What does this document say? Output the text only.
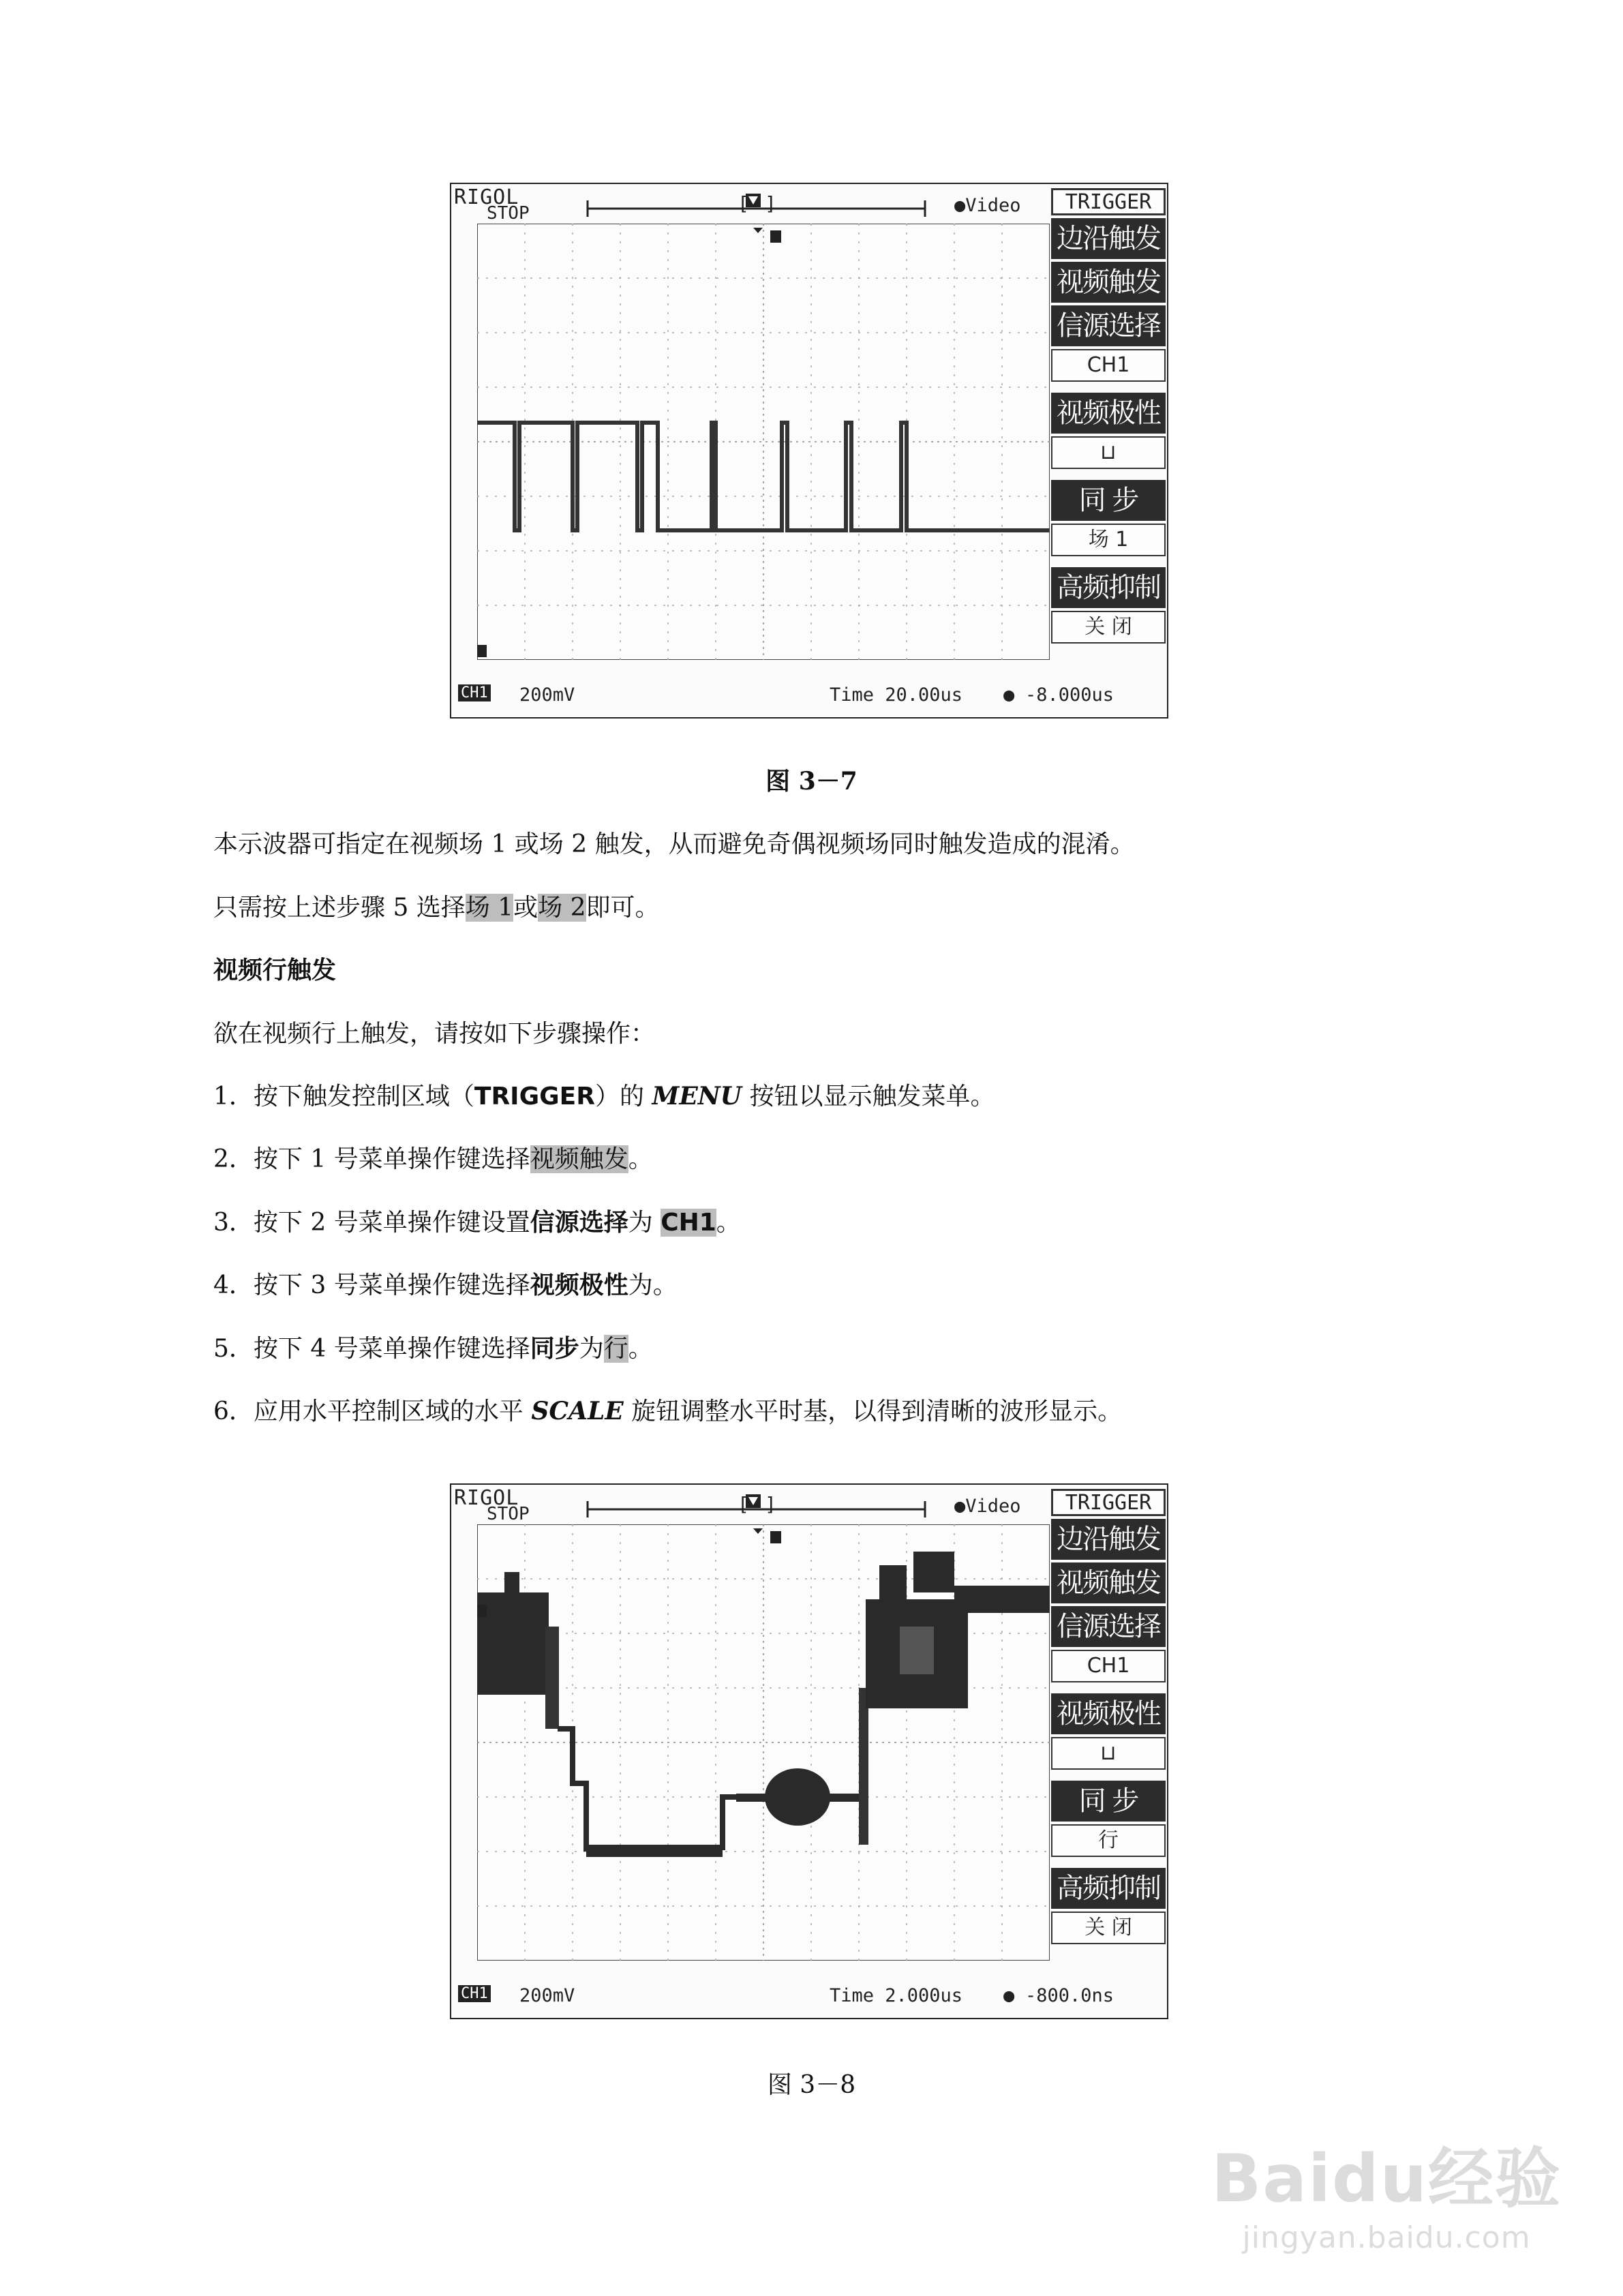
RIGOL
STOP	[ ]	●Video	TRIGGER
边沿触发
视频触发
信源选择
CH1
视频极性
⊔
同 步
场 1
高频抑制
关 闭
CH1 200mV	Time 20.00us ● -8.000us
图 3－7
本示波器可指定在视频场 1 或场 2 触发，从而避免奇偶视频场同时触发造成的混淆。
只需按上述步骤 5 选择场 1或场 2即可。
视频行触发
欲在视频行上触发，请按如下步骤操作：
1．按下触发控制区域（TRIGGER）的 MENU 按钮以显示触发菜单。
2．按下 1 号菜单操作键选择视频触发。
3．按下 2 号菜单操作键设置信源选择为 CH1。
4．按下 3 号菜单操作键选择视频极性为。
5．按下 4 号菜单操作键选择同步为行。
6．应用水平控制区域的水平 SCALE 旋钮调整水平时基，以得到清晰的波形显示。
RIGOL
STOP	[ ]	●Video	TRIGGER
边沿触发
视频触发
信源选择
CH1
视频极性
⊔
同 步
行
高频抑制
关 闭
CH1 200mV	Time 2.000us ● -800.0ns
图 3－8
Baidu经验
jingyan.baidu.com
